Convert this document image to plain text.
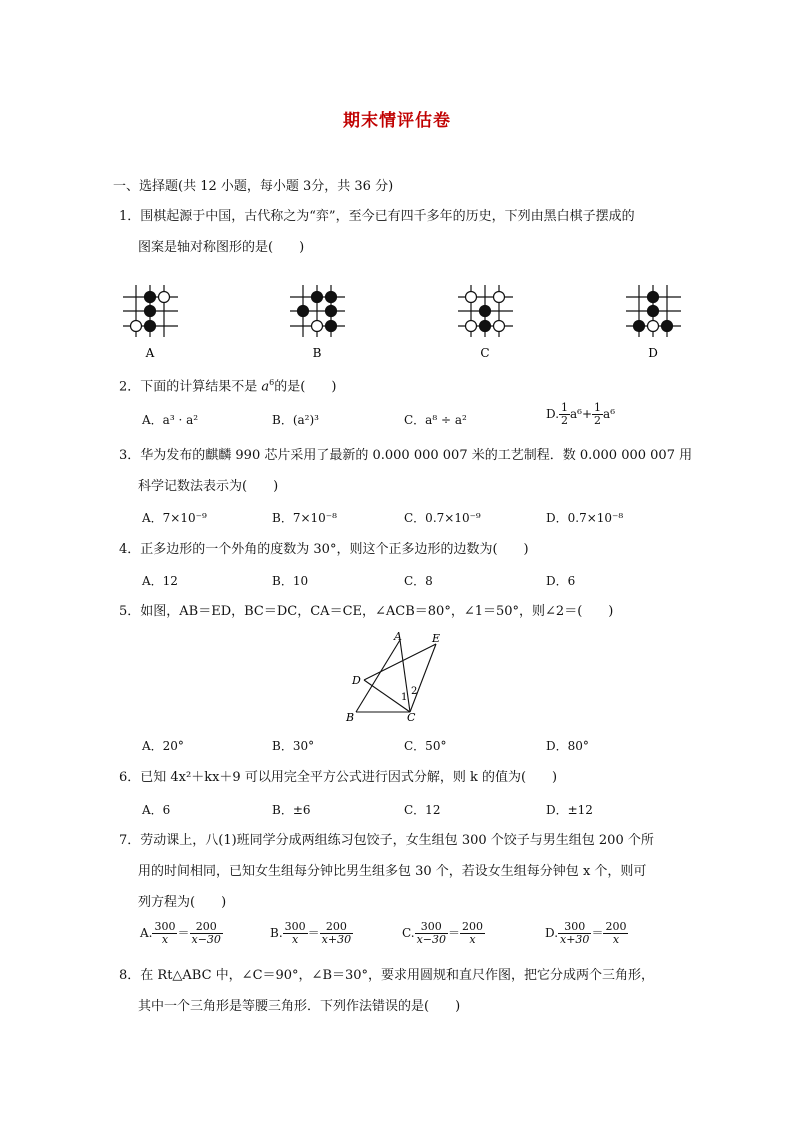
期末情评估卷
一、选择题(共 12 小题，每小题 3分，共 36 分)
1．围棋起源于中国，古代称之为“弈”，至今已有四千多年的历史，下列由黑白棋子摆成的
图案是轴对称图形的是(　　)
A	B	C	D
2．下面的计算结果不是 $a^6$的是(　　)
A．a³ · a²	B．(a²)³	C．a⁸ ÷ a²	D. $\frac{1}{2} a^6+ \frac{1}{2} a^6$
3．华为发布的麒麟 990 芯片采用了最新的 0.000 000 007 米的工艺制程．数 0.000 000 007 用
科学记数法表示为(　　)
A．7×10⁻⁹	B．7×10⁻⁸	C．0.7×10⁻⁹	D．0.7×10⁻⁸
4．正多边形的一个外角的度数为 30°，则这个正多边形的边数为(　　)
A．12	B．10	C．8	D．6
5．如图，AB＝ED，BC＝DC，CA＝CE，∠ACB＝80°，∠1＝50°，则∠2＝(　　)
A	E
D
B	C
1
2
A．20°	B．30°	C．50°	D．80°
6．已知 4x²＋kx＋9 可以用完全平方公式进行因式分解，则 k 的值为(　　)
A．6	B．±6	C．12	D．±12
7．劳动课上，八(1)班同学分成两组练习包饺子，女生组包 300 个饺子与男生组包 200 个所
用的时间相同，已知女生组每分钟比男生组多包 30 个，若设女生组每分钟包 x 个，则可
列方程为(　　)
A. $\frac{300}{x} = \frac{200}{x-30}$	B. $\frac{300}{x} = \frac{200}{x+30}$	C. $\frac{300}{x-30} = \frac{200}{x}$	D. $\frac{300}{x+30} = \frac{200}{x}$
8．在 Rt△ABC 中，∠C＝90°，∠B＝30°，要求用圆规和直尺作图，把它分成两个三角形，
其中一个三角形是等腰三角形．下列作法错误的是(　　)
